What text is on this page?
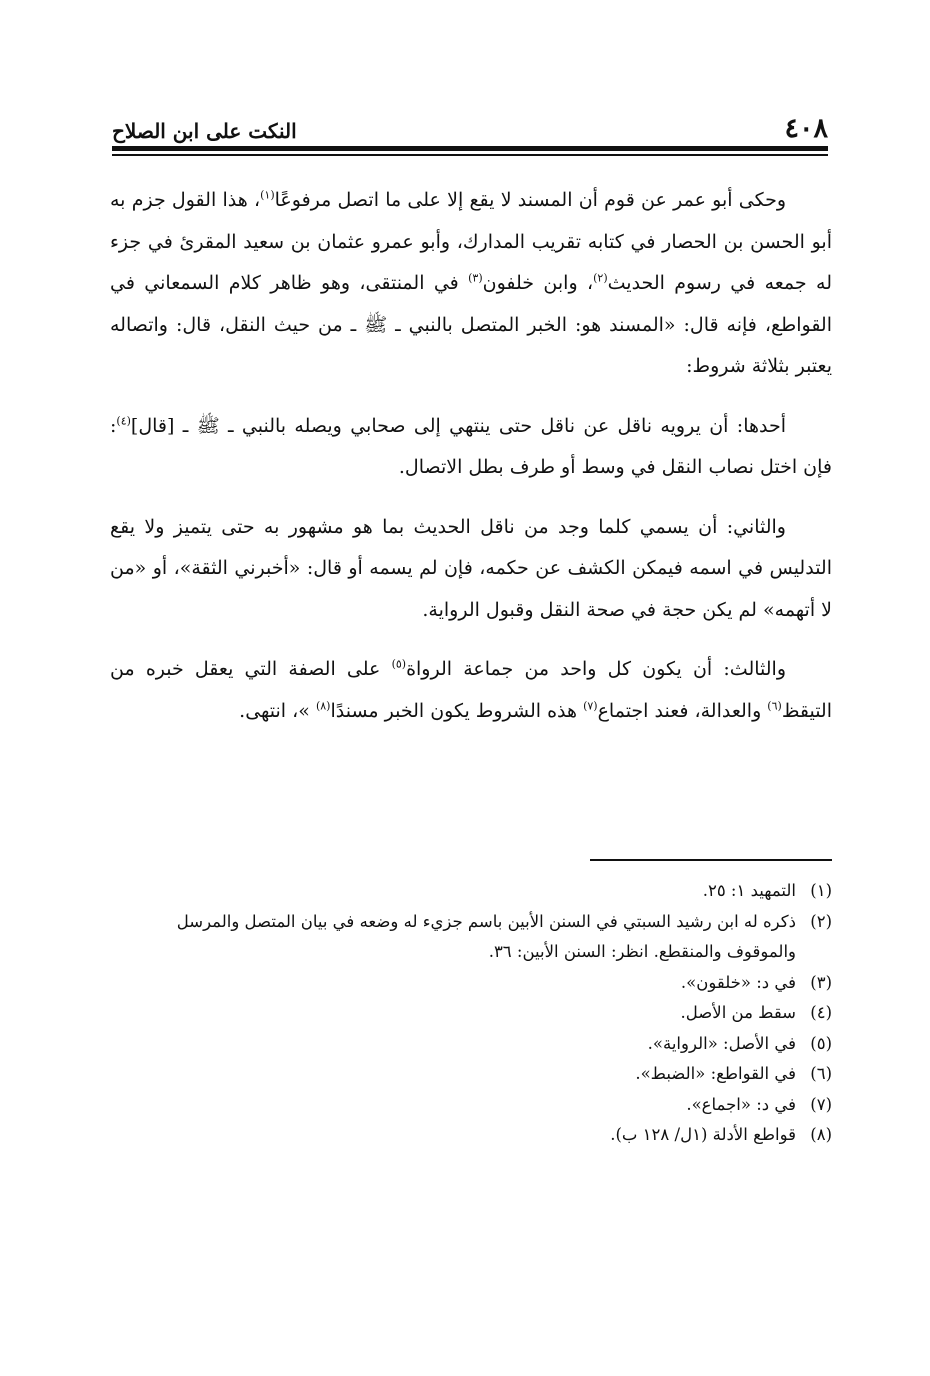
٤٠٨
النكت على ابن الصلاح

وحكى أبو عمر عن قوم أن المسند لا يقع إلا على ما اتصل مرفوعًا$^{(١)}$، هذا القول جزم به أبو الحسن بن الحصار في كتابه تقريب المدارك، وأبو عمرو عثمان بن سعيد المقرئ في جزء له جمعه في رسوم الحديث$^{(٢)}$، وابن خلفون$^{(٣)}$ في المنتقى، وهو ظاهر كلام السمعاني في القواطع، فإنه قال: «المسند هو: الخبر المتصل بالنبي ـ ﷺ ـ من حيث النقل، قال: واتصاله يعتبر بثلاثة شروط:

أحدها: أن يرويه ناقل عن ناقل حتى ينتهي إلى صحابي ويصله بالنبي ـ ﷺ ـ [قال]$^{(٤)}$: فإن اختل نصاب النقل في وسط أو طرف بطل الاتصال.

والثاني: أن يسمي كلما وجد من ناقل الحديث بما هو مشهور به حتى يتميز ولا يقع التدليس في اسمه فيمكن الكشف عن حكمه، فإن لم يسمه أو قال: «أخبرني الثقة»، أو «من لا أتهمه» لم يكن حجة في صحة النقل وقبول الرواية.

والثالث: أن يكون كل واحد من جماعة الرواة$^{(٥)}$ على الصفة التي يعقل خبره من التيقظ$^{(٦)}$ والعدالة، فعند اجتماع$^{(٧)}$ هذه الشروط يكون الخبر مسندًا$^{(٨)}$ »، انتهى.

(١)
التمهيد ١: ٢٥.
(٢)
ذكره له ابن رشيد السبتي في السنن الأبين باسم جزيء له وضعه في بيان المتصل والمرسل والموقوف والمنقطع. انظر: السنن الأبين: ٣٦.
(٣)
في د: «خلقون».
(٤)
سقط من الأصل.
(٥)
في الأصل: «الرواية».
(٦)
في القواطع: «الضبط».
(٧)
في د: «اجماع».
(٨)
قواطع الأدلة (١ل/ ١٢٨ ب).
